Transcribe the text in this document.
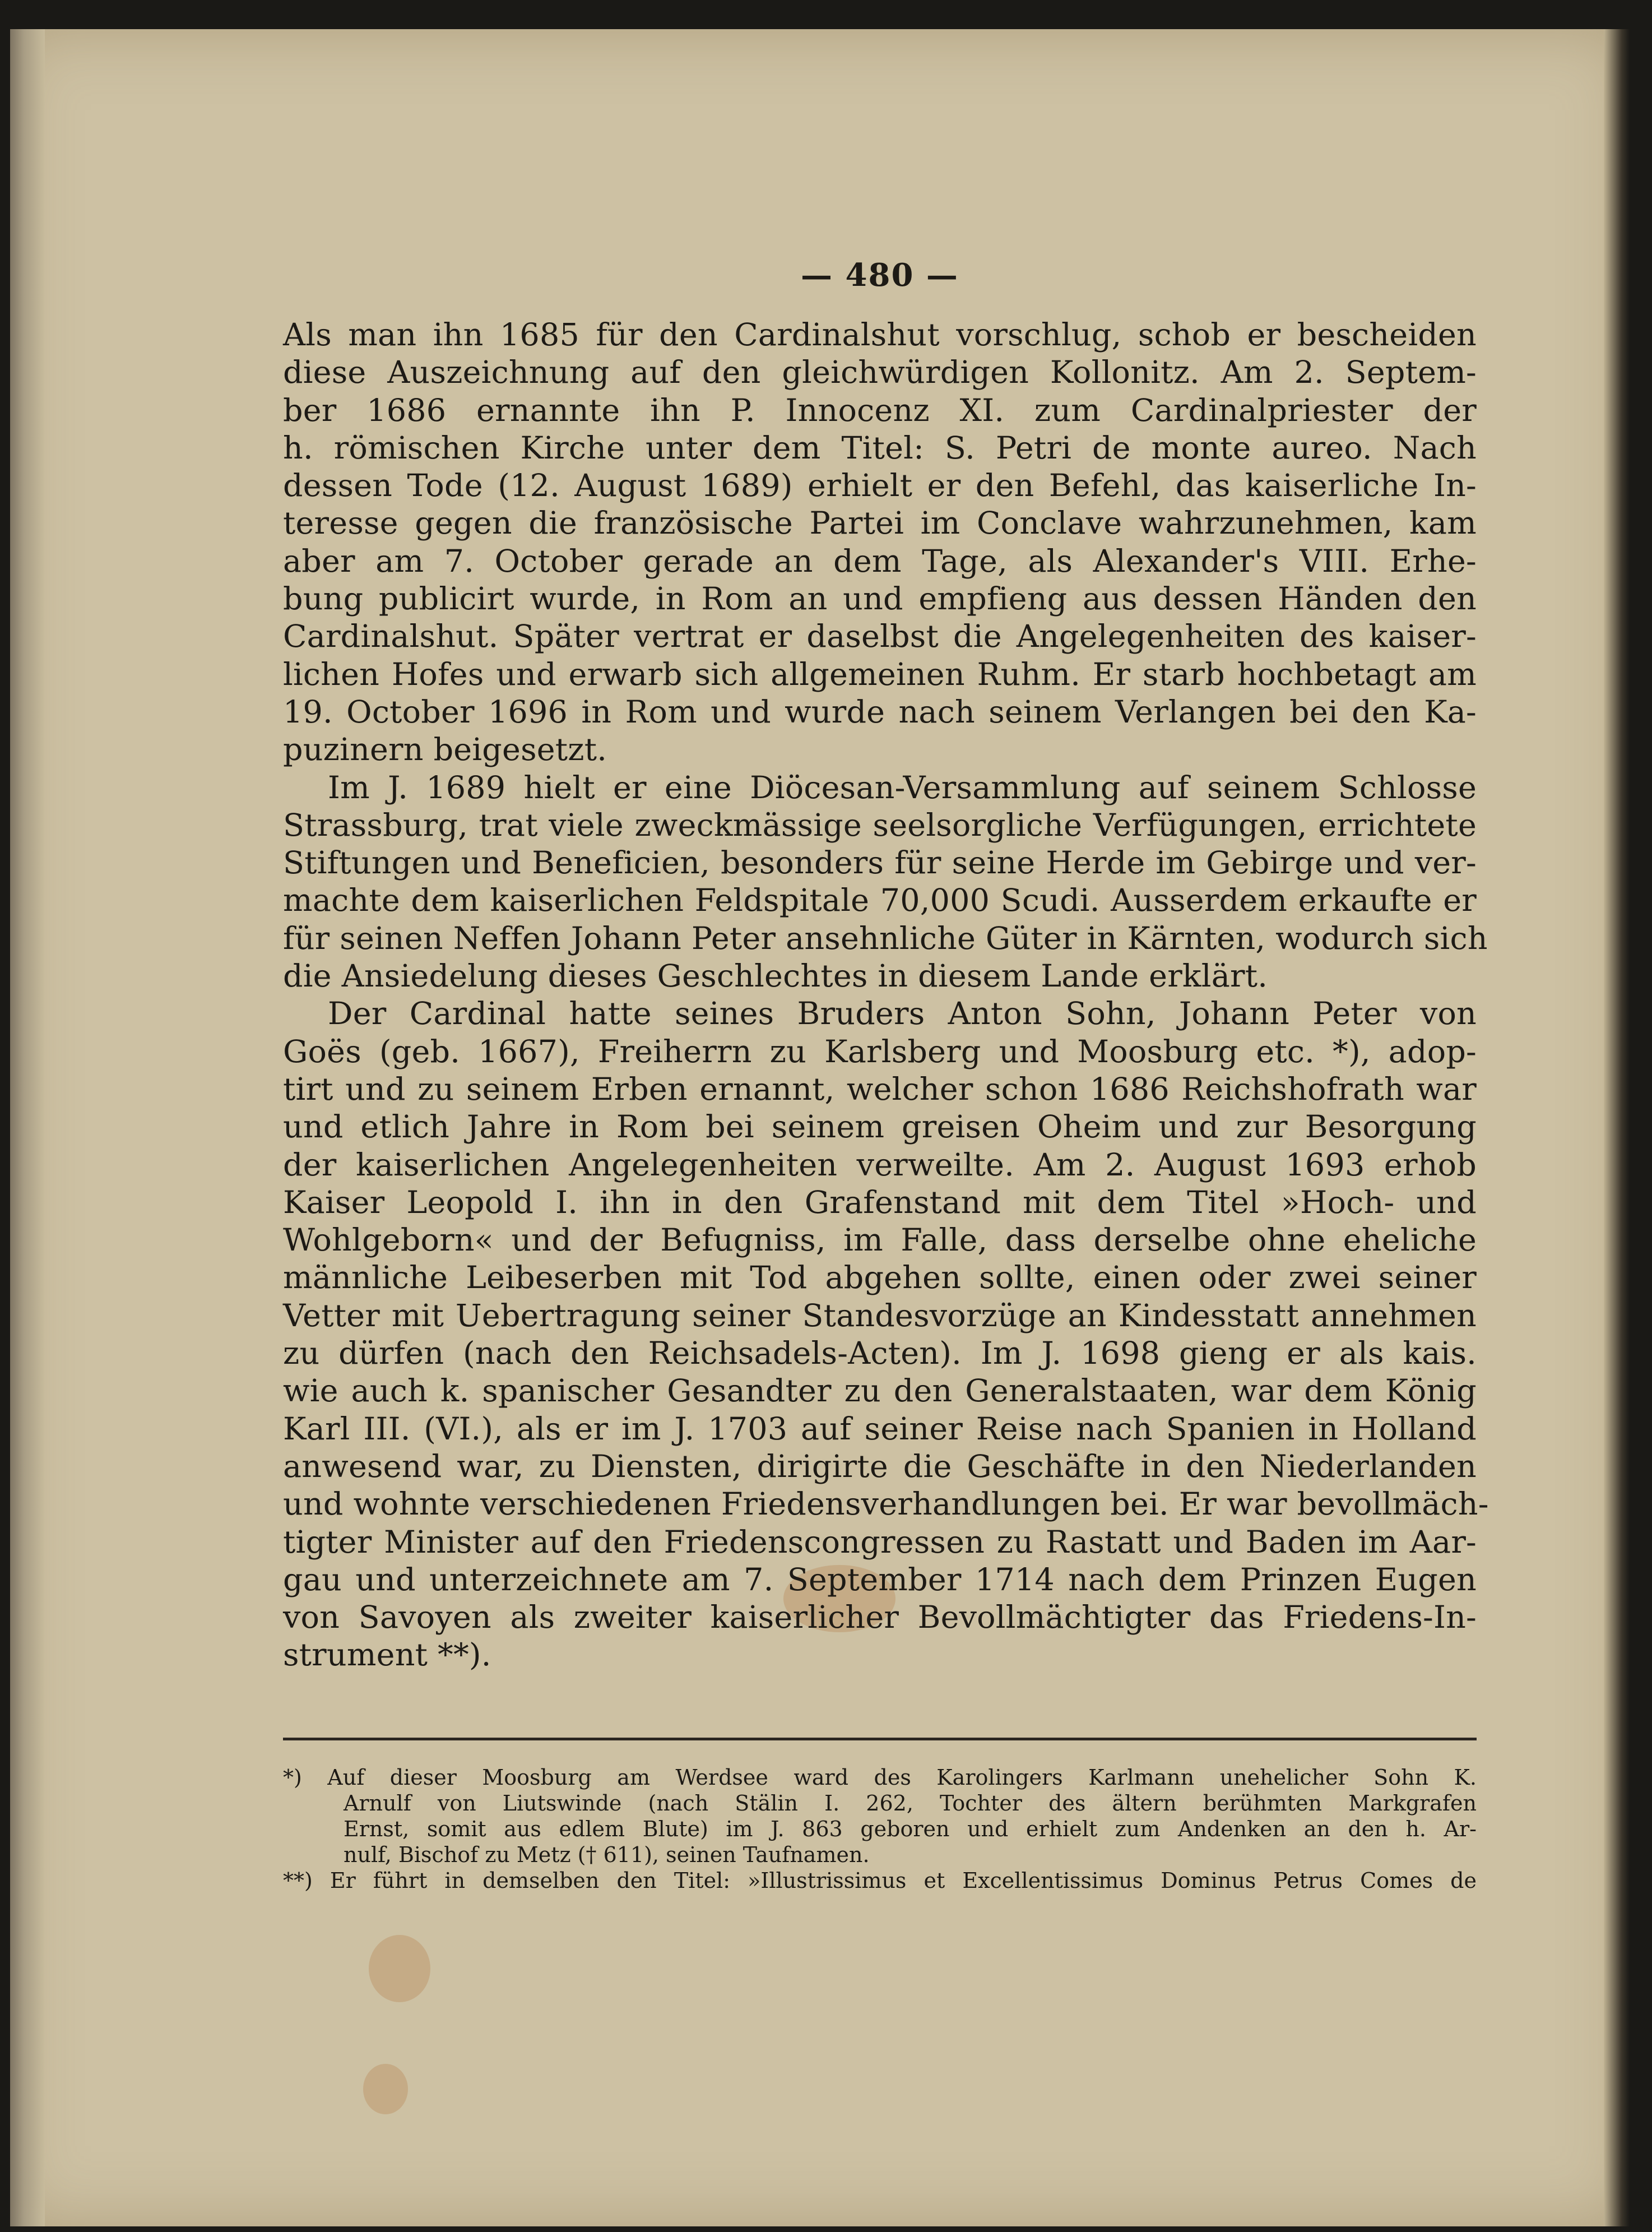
— 480 —
Als man ihn 1685 für den Cardinalshut vorschlug, schob er bescheiden
diese Auszeichnung auf den gleichwürdigen Kollonitz. Am 2. Septem-
ber 1686 ernannte ihn P. Innocenz XI. zum Cardinalpriester der
h. römischen Kirche unter dem Titel: S. Petri de monte aureo. Nach
dessen Tode (12. August 1689) erhielt er den Befehl, das kaiserliche In-
teresse gegen die französische Partei im Conclave wahrzunehmen, kam
aber am 7. October gerade an dem Tage, als Alexander's VIII. Erhe-
bung publicirt wurde, in Rom an und empfieng aus dessen Händen den
Cardinalshut. Später vertrat er daselbst die Angelegenheiten des kaiser-
lichen Hofes und erwarb sich allgemeinen Ruhm. Er starb hochbetagt am
19. October 1696 in Rom und wurde nach seinem Verlangen bei den Ka-
puzinern beigesetzt.
Im J. 1689 hielt er eine Diöcesan-Versammlung auf seinem Schlosse
Strassburg, trat viele zweckmässige seelsorgliche Verfügungen, errichtete
Stiftungen und Beneficien, besonders für seine Herde im Gebirge und ver-
machte dem kaiserlichen Feldspitale 70,000 Scudi. Ausserdem erkaufte er
für seinen Neffen Johann Peter ansehnliche Güter in Kärnten, wodurch sich
die Ansiedelung dieses Geschlechtes in diesem Lande erklärt.
Der Cardinal hatte seines Bruders Anton Sohn, Johann Peter von
Goës (geb. 1667), Freiherrn zu Karlsberg und Moosburg etc. *), adop-
tirt und zu seinem Erben ernannt, welcher schon 1686 Reichshofrath war
und etlich Jahre in Rom bei seinem greisen Oheim und zur Besorgung
der kaiserlichen Angelegenheiten verweilte. Am 2. August 1693 erhob
Kaiser Leopold I. ihn in den Grafenstand mit dem Titel »Hoch- und
Wohlgeborn« und der Befugniss, im Falle, dass derselbe ohne eheliche
männliche Leibeserben mit Tod abgehen sollte, einen oder zwei seiner
Vetter mit Uebertragung seiner Standesvorzüge an Kindesstatt annehmen
zu dürfen (nach den Reichsadels-Acten). Im J. 1698 gieng er als kais.
wie auch k. spanischer Gesandter zu den Generalstaaten, war dem König
Karl III. (VI.), als er im J. 1703 auf seiner Reise nach Spanien in Holland
anwesend war, zu Diensten, dirigirte die Geschäfte in den Niederlanden
und wohnte verschiedenen Friedensverhandlungen bei. Er war bevollmäch-
tigter Minister auf den Friedenscongressen zu Rastatt und Baden im Aar-
gau und unterzeichnete am 7. September 1714 nach dem Prinzen Eugen
von Savoyen als zweiter kaiserlicher Bevollmächtigter das Friedens-In-
strument **).
*) Auf dieser Moosburg am Werdsee ward des Karolingers Karlmann unehelicher Sohn K.
Arnulf von Liutswinde (nach Stälin I. 262, Tochter des ältern berühmten Markgrafen
Ernst, somit aus edlem Blute) im J. 863 geboren und erhielt zum Andenken an den h. Ar-
nulf, Bischof zu Metz († 611), seinen Taufnamen.
**) Er führt in demselben den Titel: »Illustrissimus et Excellentissimus Dominus Petrus Comes de
